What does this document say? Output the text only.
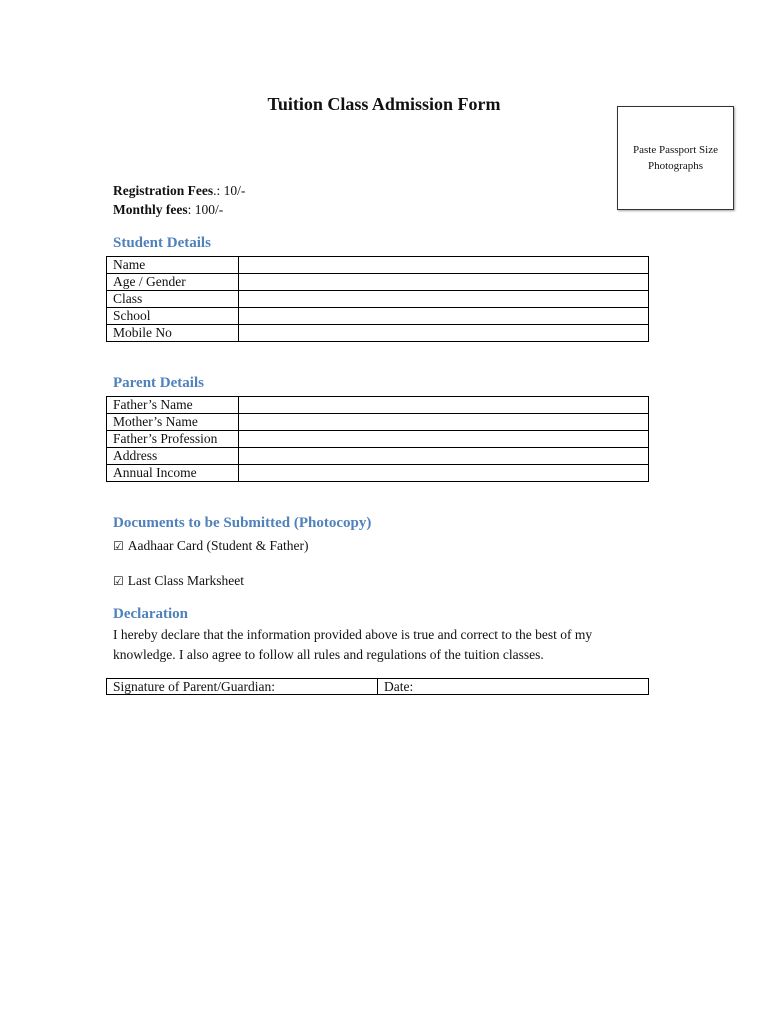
Tuition Class Admission Form
Paste Passport Size
Photographs
Registration Fees.: 10/-
Monthly fees: 100/-
Student Details
Name	
Age / Gender	
Class	
School	
Mobile No	
Parent Details
Father’s Name	
Mother’s Name	
Father’s Profession	
Address	
Annual Income	
Documents to be Submitted (Photocopy)
☑ Aadhaar Card (Student & Father)
☑ Last Class Marksheet
Declaration
I hereby declare that the information provided above is true and correct to the best of my knowledge. I also agree to follow all rules and regulations of the tuition classes.
Signature of Parent/Guardian:	Date:
